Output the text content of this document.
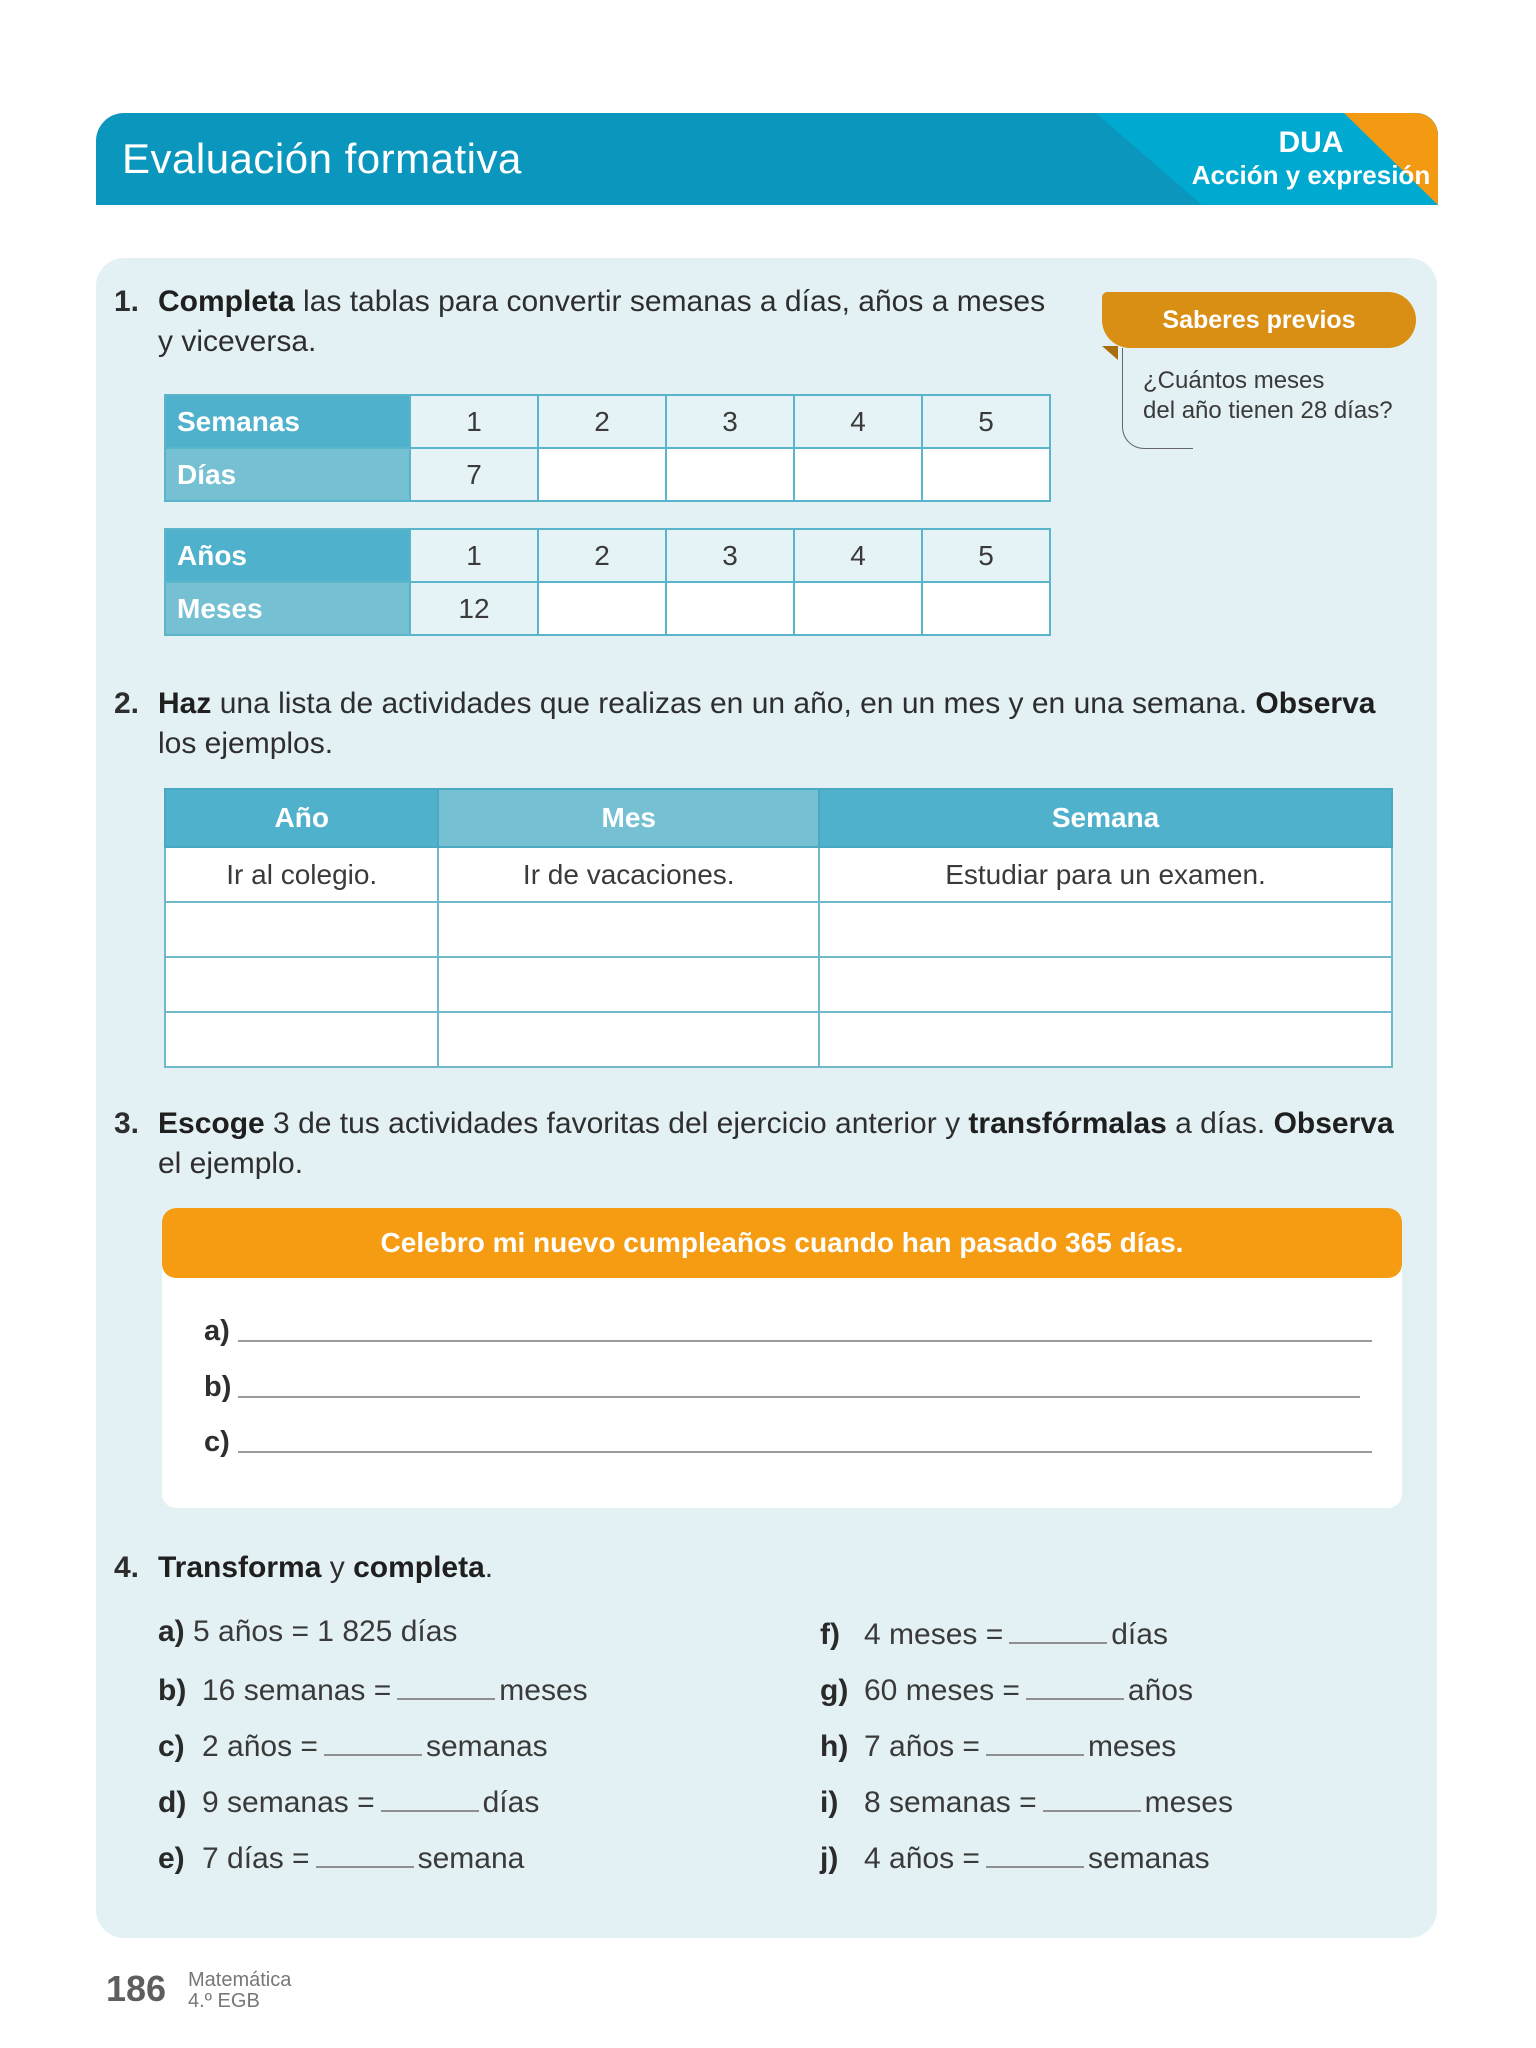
Evaluación formativa	DUA
Acción y expresión
1. Completa las tablas para convertir semanas a días, años a meses
y viceversa.
Saberes previos
¿Cuántos meses
del año tienen 28 días?
Semanas	1	2	3	4	5
Días	7				
Años	1	2	3	4	5
Meses	12				
2. Haz una lista de actividades que realizas en un año, en un mes y en una semana. Observa
los ejemplos.
Año	Mes	Semana
Ir al colegio.	Ir de vacaciones.	Estudiar para un examen.

3. Escoge 3 de tus actividades favoritas del ejercicio anterior y transfórmalas a días. Observa
el ejemplo.
Celebro mi nuevo cumpleaños cuando han pasado 365 días.
a)
b)
c)
4. Transforma y completa.
a) 5 años = 1 825 días
b) 16 semanas =	meses
c) 2 años =	semanas
d) 9 semanas =	días
e) 7 días =	semana
f) 4 meses =	días
g) 60 meses =	años
h) 7 años =	meses
i) 8 semanas =	meses
j) 4 años =	semanas
186 Matemática
4.º EGB
